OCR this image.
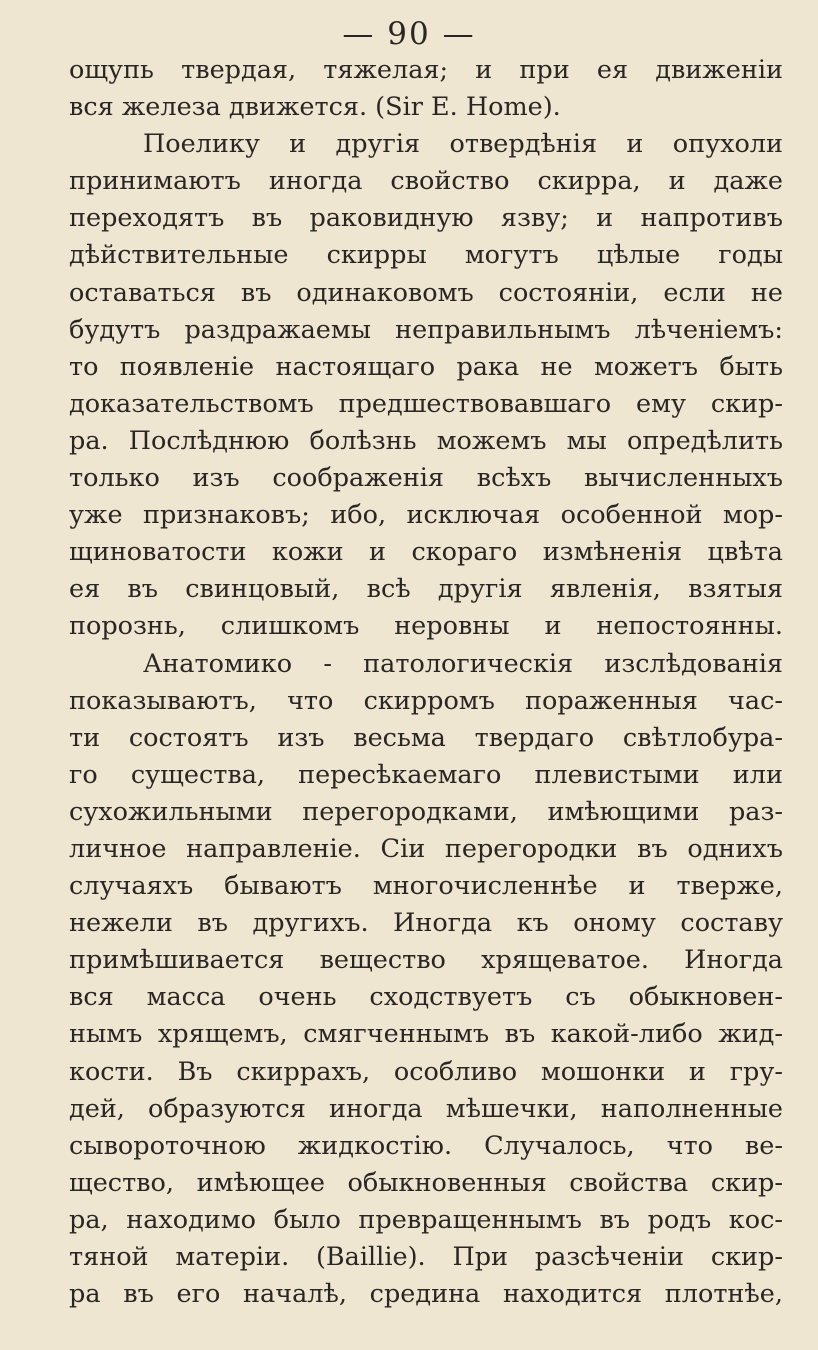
— 90 —
ощупь твердая, тяжелая; и при ея движеніи
вся железа движется. (Sir E. Home).
Поелику и другія отвердѣнія и опухоли
принимаютъ иногда свойство скирра, и даже
переходятъ въ раковидную язву; и напротивъ
дѣйствительные скирры могутъ цѣлые годы
оставаться въ одинаковомъ состояніи, если не
будутъ раздражаемы неправильнымъ лѣченіемъ:
то появленіе настоящаго рака не можетъ быть
доказательствомъ предшествовавшаго ему скир-
ра. Послѣднюю болѣзнь можемъ мы опредѣлить
только изъ соображенія всѣхъ вычисленныхъ
уже признаковъ; ибо, исключая особенной мор-
щиноватости кожи и скораго измѣненія цвѣта
ея въ свинцовый, всѣ другія явленія, взятыя
порознь, слишкомъ неровны и непостоянны.
Анатомико - патологическія изслѣдованія
показываютъ, что скирромъ пораженныя час-
ти состоятъ изъ весьма твердаго свѣтлобура-
го существа, пересѣкаемаго плевистыми или
сухожильными перегородками, имѣющими раз-
личное направленіе. Сіи перегородки въ однихъ
случаяхъ бываютъ многочисленнѣе и тверже,
нежели въ другихъ. Иногда къ оному составу
примѣшивается вещество хрящеватое. Иногда
вся масса очень сходствуетъ съ обыкновен-
нымъ хрящемъ, смягченнымъ въ какой-либо жид-
кости. Въ скиррахъ, особливо мошонки и гру-
дей, образуются иногда мѣшечки, наполненные
сывороточною жидкостію. Случалось, что ве-
щество, имѣющее обыкновенныя свойства скир-
ра, находимо было превращеннымъ въ родъ кос-
тяной матеріи. (Baillie). При разсѣченіи скир-
ра въ его началѣ, средина находится плотнѣе,
